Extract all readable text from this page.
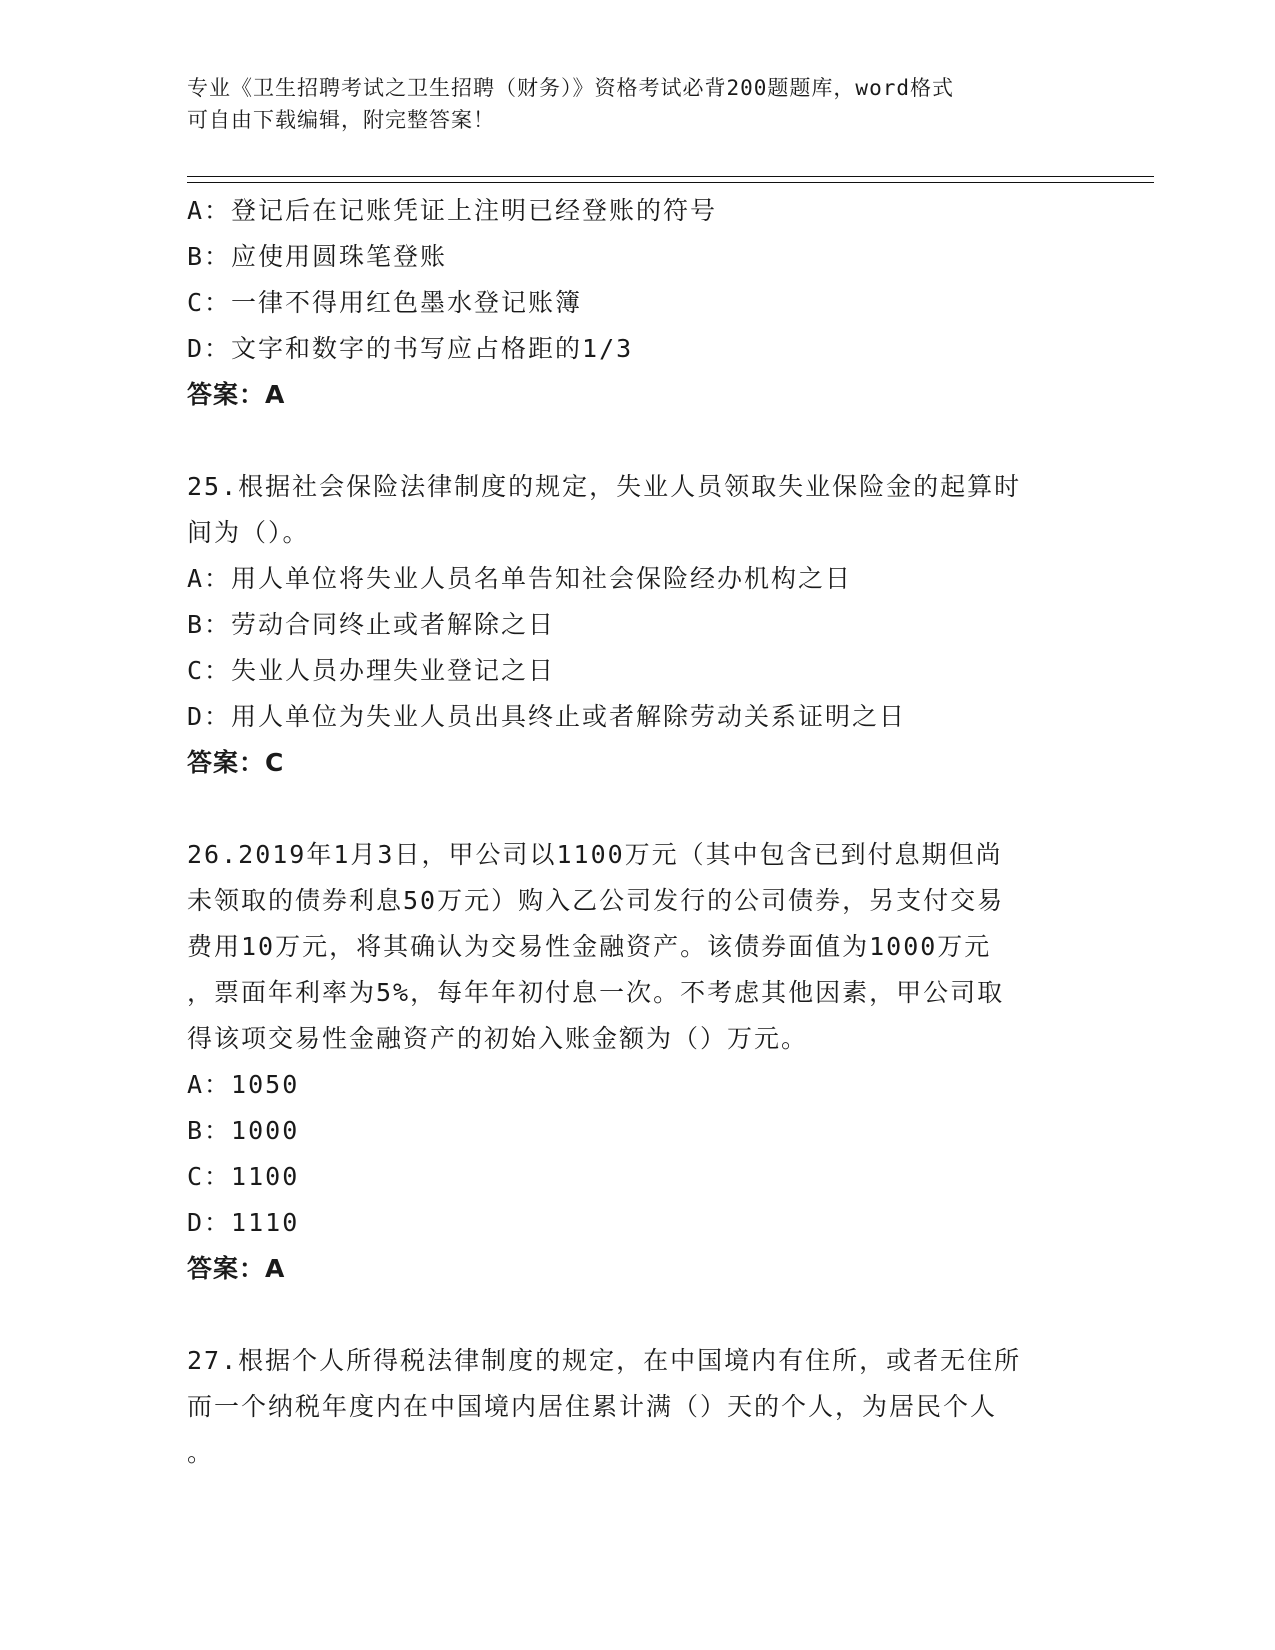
专业《卫生招聘考试之卫生招聘（财务）》资格考试必背200题题库，word格式
可自由下载编辑，附完整答案！
A：登记后在记账凭证上注明已经登账的符号
B：应使用圆珠笔登账
C：一律不得用红色墨水登记账簿
D：文字和数字的书写应占格距的1/3
答案：A
25.根据社会保险法律制度的规定，失业人员领取失业保险金的起算时
间为（）。
A：用人单位将失业人员名单告知社会保险经办机构之日
B：劳动合同终止或者解除之日
C：失业人员办理失业登记之日
D：用人单位为失业人员出具终止或者解除劳动关系证明之日
答案：C
26.2019年1月3日，甲公司以1100万元（其中包含已到付息期但尚
未领取的债券利息50万元）购入乙公司发行的公司债券，另支付交易
费用10万元，将其确认为交易性金融资产。该债券面值为1000万元
，票面年利率为5%，每年年初付息一次。不考虑其他因素，甲公司取
得该项交易性金融资产的初始入账金额为（）万元。
A：1050
B：1000
C：1100
D：1110
答案：A
27.根据个人所得税法律制度的规定，在中国境内有住所，或者无住所
而一个纳税年度内在中国境内居住累计满（）天的个人，为居民个人
。
